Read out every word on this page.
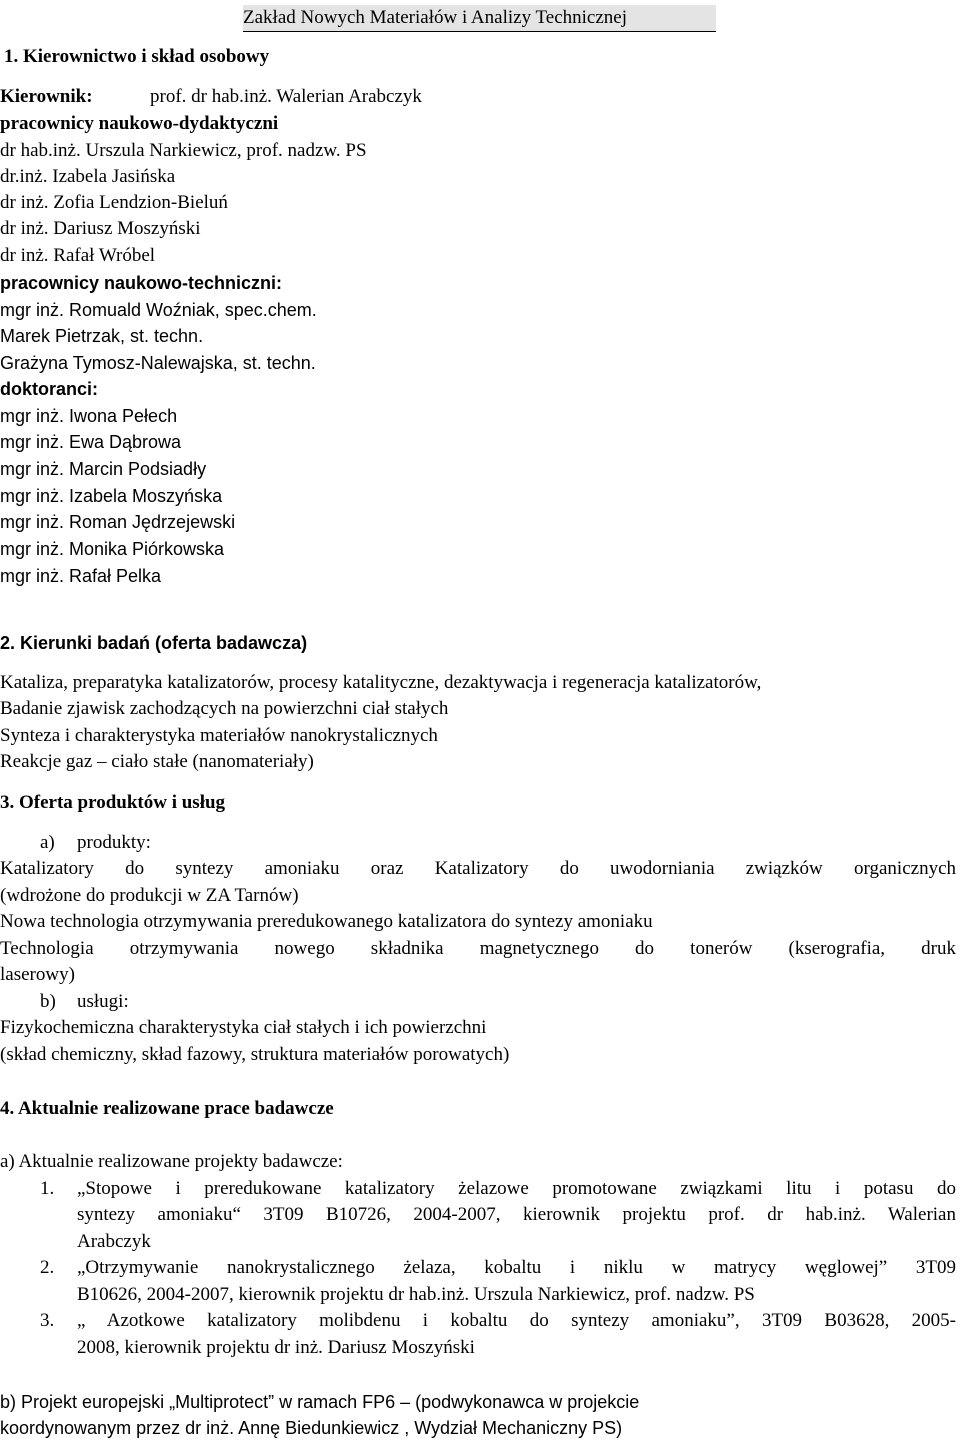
Zakład Nowych Materiałów i Analizy Technicznej
1. Kierownictwo i skład osobowy
Kierownik:	prof. dr hab.inż. Walerian Arabczyk
pracownicy naukowo-dydaktyczni
dr hab.inż. Urszula Narkiewicz, prof. nadzw. PS
dr.inż. Izabela Jasińska
dr inż. Zofia Lendzion-Bieluń
dr inż. Dariusz Moszyński
dr inż. Rafał Wróbel
pracownicy naukowo-techniczni:
mgr inż. Romuald Woźniak, spec.chem.
Marek Pietrzak, st. techn.
Grażyna Tymosz-Nalewajska, st. techn.
doktoranci:
mgr inż. Iwona Pełech
mgr inż. Ewa Dąbrowa
mgr inż. Marcin Podsiadły
mgr inż. Izabela Moszyńska
mgr inż. Roman Jędrzejewski
mgr inż. Monika Piórkowska
mgr inż. Rafał Pelka
2. Kierunki badań (oferta badawcza)
Kataliza, preparatyka katalizatorów, procesy katalityczne, dezaktywacja i regeneracja katalizatorów,
Badanie zjawisk zachodzących na powierzchni ciał stałych
Synteza i charakterystyka materiałów nanokrystalicznych
Reakcje gaz – ciało stałe (nanomateriały)
3. Oferta produktów i usług
a) produkty:
Katalizatory do syntezy amoniaku oraz Katalizatory do uwodorniania związków organicznych
(wdrożone do produkcji w ZA Tarnów)
Nowa technologia otrzymywania preredukowanego katalizatora do syntezy amoniaku
Technologia otrzymywania nowego składnika magnetycznego do tonerów (kserografia, druk
laserowy)
b) usługi:
Fizykochemiczna charakterystyka ciał stałych i ich powierzchni
(skład chemiczny, skład fazowy, struktura materiałów porowatych)
4. Aktualnie realizowane prace badawcze
a) Aktualnie realizowane projekty badawcze:
1. „Stopowe i preredukowane katalizatory żelazowe promotowane związkami litu i potasu do
syntezy amoniaku“ 3T09 B10726, 2004-2007, kierownik projektu prof. dr hab.inż. Walerian
Arabczyk
2. „Otrzymywanie nanokrystalicznego żelaza, kobaltu i niklu w matrycy węglowej” 3T09
B10626, 2004-2007, kierownik projektu dr hab.inż. Urszula Narkiewicz, prof. nadzw. PS
3. „ Azotkowe katalizatory molibdenu i kobaltu do syntezy amoniaku”, 3T09 B03628, 2005-
2008, kierownik projektu dr inż. Dariusz Moszyński
b) Projekt europejski „Multiprotect” w ramach FP6 – (podwykonawca w projekcie
koordynowanym przez dr inż. Annę Biedunkiewicz , Wydział Mechaniczny PS)
